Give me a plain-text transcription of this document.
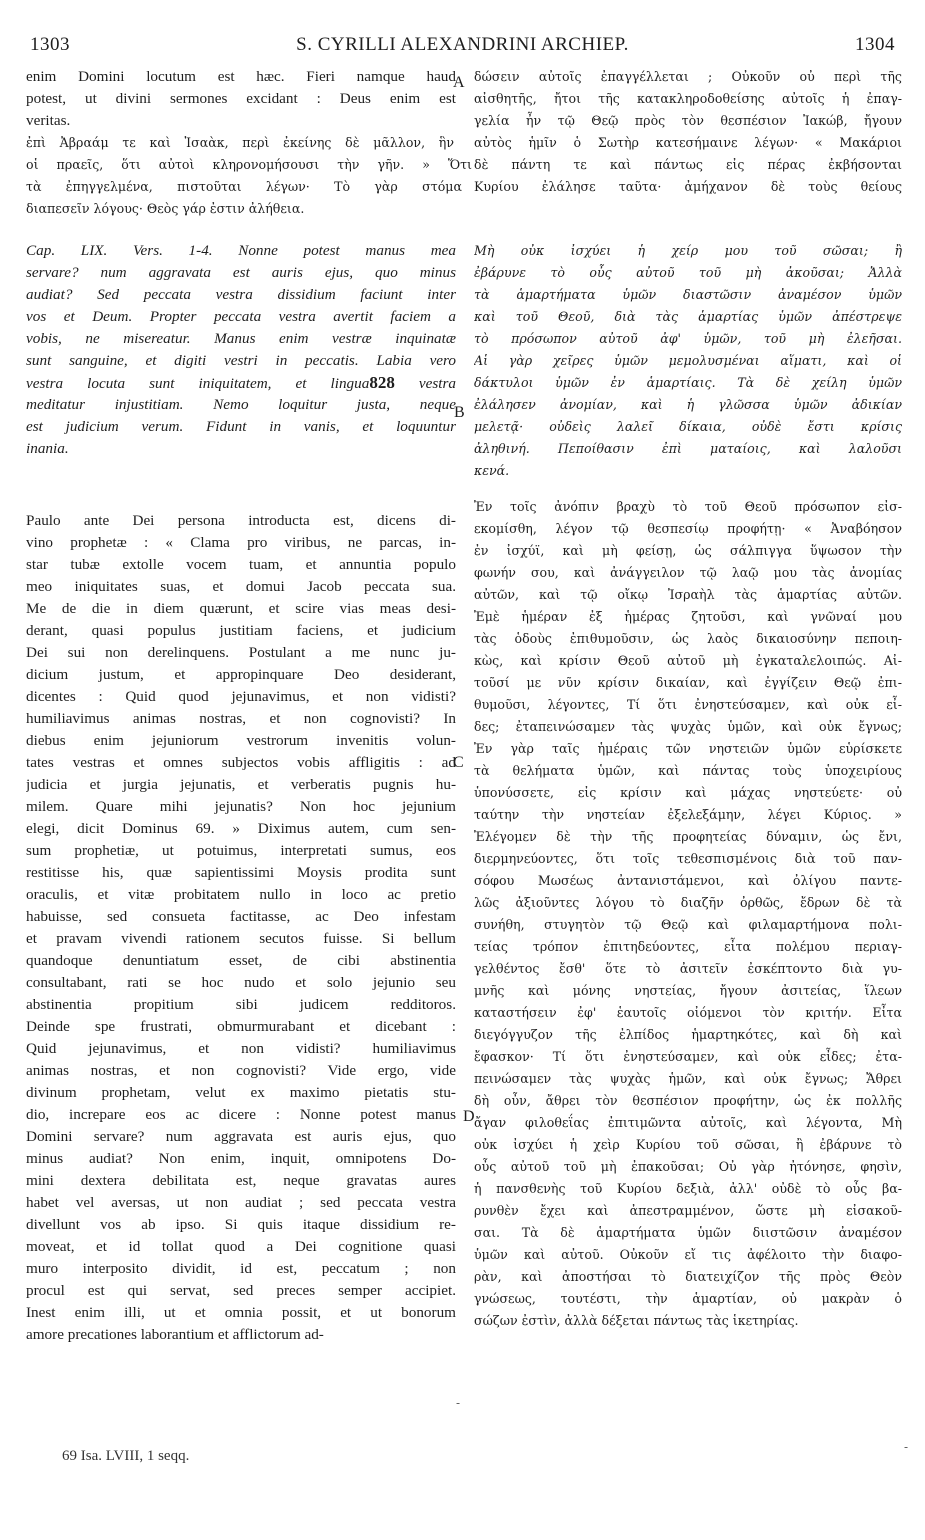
1303	S. CYRILLI ALEXANDRINI ARCHIEP.	1304
A
B
C
D
enim Domini locutum est hæc. Fieri namque haud
potest, ut divini sermones excidant : Deus enim est
veritas.
ἐπὶ Ἀβραάμ τε καὶ Ἰσαὰκ, περὶ ἐκείνης δὲ μᾶλλον, ἣν
οἱ πραεῖς, ὅτι αὐτοὶ κληρονομήσουσι τὴν γῆν. » Ὅτι
τὰ ἐπηγγελμένα, πιστοῦται λέγων· Τὸ γὰρ στόμα
διαπεσεῖν λόγους· Θεὸς γάρ ἐστιν ἀλήθεια.
δώσειν αὐτοῖς ἐπαγγέλλεται ; Οὐκοῦν οὐ περὶ τῆς
αἰσθητῆς, ἤτοι τῆς κατακληροδοθείσης αὐτοῖς ἡ ἐπαγ-
γελία ἦν τῷ Θεῷ πρὸς τὸν θεσπέσιον Ἰακώβ, ἤγουν
αὐτὸς ἡμῖν ὁ Σωτὴρ κατεσήμαινε λέγων· « Μακάριοι
δὲ πάντη τε καὶ πάντως εἰς πέρας ἐκβήσονται
Κυρίου ἐλάλησε ταῦτα· ἀμήχανον δὲ τοὺς θείους
Cap. LIX. Vers. 1-4. Nonne potest manus mea
servare? num aggravata est auris ejus, quo minus
audiat? Sed peccata vestra dissidium faciunt inter
vos et Deum. Propter peccata vestra avertit faciem a
vobis, ne misereatur. Manus enim vestræ inquinatæ
sunt sanguine, et digiti vestri in peccatis. Labia vero
vestra locuta sunt iniquitatem, et lingua828 vestra
meditatur injustitiam. Nemo loquitur justa, neque
est judicium verum. Fidunt in vanis, et loquuntur
inania.
Μὴ οὐκ ἰσχύει ἡ χείρ μου τοῦ σῶσαι; ἢ
ἐβάρυνε τὸ οὖς αὐτοῦ τοῦ μὴ ἀκοῦσαι; Ἀλλὰ
τὰ ἁμαρτήματα ὑμῶν διαστῶσιν ἀναμέσον ὑμῶν
καὶ τοῦ Θεοῦ, διὰ τὰς ἁμαρτίας ὑμῶν ἀπέστρεψε
τὸ πρόσωπον αὐτοῦ ἀφ' ὑμῶν, τοῦ μὴ ἐλεῆσαι.
Αἱ γὰρ χεῖρες ὑμῶν μεμολυσμέναι αἵματι, καὶ οἱ
δάκτυλοι ὑμῶν ἐν ἁμαρτίαις. Τὰ δὲ χείλη ὑμῶν
ἐλάλησεν ἀνομίαν, καὶ ἡ γλῶσσα ὑμῶν ἀδικίαν
μελετᾷ· οὐδεὶς λαλεῖ δίκαια, οὐδὲ ἔστι κρίσις
ἀληθινή. Πεποίθασιν ἐπὶ ματαίοις, καὶ λαλοῦσι
κενά.
Paulo ante Dei persona introducta est, dicens di-
vino prophetæ : « Clama pro viribus, ne parcas, in-
star tubæ extolle vocem tuam, et annuntia populo
meo iniquitates suas, et domui Jacob peccata sua.
Me de die in diem quærunt, et scire vias meas desi-
derant, quasi populus justitiam faciens, et judicium
Dei sui non derelinquens. Postulant a me nunc ju-
dicium justum, et appropinquare Deo desiderant,
dicentes : Quid quod jejunavimus, et non vidisti?
humiliavimus animas nostras, et non cognovisti? In
diebus enim jejuniorum vestrorum invenitis volun-
tates vestras et omnes subjectos vobis affligitis : ad
judicia et jurgia jejunatis, et verberatis pugnis hu-
milem. Quare mihi jejunatis? Non hoc jejunium
elegi, dicit Dominus 69. » Diximus autem, cum sen-
sum prophetiæ, ut potuimus, interpretati sumus, eos
restitisse his, quæ sapientissimi Moysis prodita sunt
oraculis, et vitæ probitatem nullo in loco ac pretio
habuisse, sed consueta factitasse, ac Deo infestam
et pravam vivendi rationem secutos fuisse. Si bellum
quandoque denuntiatum esset, de cibi abstinentia
consultabant, rati se hoc nudo et solo jejunio seu
abstinentia propitium sibi judicem redditoros.
Deinde spe frustrati, obmurmurabant et dicebant :
Quid jejunavimus, et non vidisti? humiliavimus
animas nostras, et non cognovisti? Vide ergo, vide
divinum prophetam, velut ex maximo pietatis stu-
dio, increpare eos ac dicere : Nonne potest manus
Domini servare? num aggravata est auris ejus, quo
minus audiat? Non enim, inquit, omnipotens Do-
mini dextera debilitata est, neque gravatas aures
habet vel aversas, ut non audiat ; sed peccata vestra
divellunt vos ab ipso. Si quis itaque dissidium re-
moveat, et id tollat quod a Dei cognitione quasi
muro interposito dividit, id est, peccatum ; non
procul est qui servat, sed preces semper accipiet.
Inest enim illi, ut et omnia possit, et ut bonorum
amore precationes laborantium et afflictorum ad-
Ἐν τοῖς ἀνόπιν βραχὺ τὸ τοῦ Θεοῦ πρόσωπον εἰσ-
εκομίσθη, λέγον τῷ θεσπεσίῳ προφήτῃ· « Ἀναβόησον
ἐν ἰσχύϊ, καὶ μὴ φείσῃ, ὡς σάλπιγγα ὕψωσον τὴν
φωνήν σου, καὶ ἀνάγγειλον τῷ λαῷ μου τὰς ἀνομίας
αὐτῶν, καὶ τῷ οἴκῳ Ἰσραὴλ τὰς ἁμαρτίας αὐτῶν.
Ἐμὲ ἡμέραν ἐξ ἡμέρας ζητοῦσι, καὶ γνῶναί μου
τὰς ὁδοὺς ἐπιθυμοῦσιν, ὡς λαὸς δικαιοσύνην πεποιη-
κὼς, καὶ κρίσιν Θεοῦ αὐτοῦ μὴ ἐγκαταλελοιπώς. Αἰ-
τοῦσί με νῦν κρίσιν δικαίαν, καὶ ἐγγίζειν Θεῷ ἐπι-
θυμοῦσι, λέγοντες, Τί ὅτι ἐνηστεύσαμεν, καὶ οὐκ εἶ-
δες; ἐταπεινώσαμεν τὰς ψυχὰς ὑμῶν, καὶ οὐκ ἔγνως;
Ἐν γὰρ ταῖς ἡμέραις τῶν νηστειῶν ὑμῶν εὑρίσκετε
τὰ θελήματα ὑμῶν, καὶ πάντας τοὺς ὑποχειρίους
ὑπονύσσετε, εἰς κρίσιν καὶ μάχας νηστεύετε· οὐ
ταύτην τὴν νηστείαν ἐξελεξάμην, λέγει Κύριος. »
Ἐλέγομεν δὲ τὴν τῆς προφητείας δύναμιν, ὡς ἔνι,
διερμηνεύοντες, ὅτι τοῖς τεθεσπισμένοις διὰ τοῦ παν-
σόφου Μωσέως ἀντανιστάμενοι, καὶ ὀλίγου παντε-
λῶς ἀξιοῦντες λόγου τὸ διαζῆν ὀρθῶς, ἔδρων δὲ τὰ
συνήθη, στυγητὸν τῷ Θεῷ καὶ φιλαμαρτήμονα πολι-
τείας τρόπον ἐπιτηδεύοντες, εἶτα πολέμου περιαγ-
γελθέντος ἔσθ' ὅτε τὸ ἀσιτεῖν ἐσκέπτοντο διὰ γυ-
μνῆς καὶ μόνης νηστείας, ἤγουν ἀσιτείας, ἵλεων
καταστήσειν ἐφ' ἑαυτοῖς οἰόμενοι τὸν κριτήν. Εἶτα
διεγόγγυζον τῆς ἐλπίδος ἡμαρτηκότες, καὶ δὴ καὶ
ἔφασκον· Τί ὅτι ἐνηστεύσαμεν, καὶ οὐκ εἶδες; ἐτα-
πεινώσαμεν τὰς ψυχὰς ἡμῶν, καὶ οὐκ ἔγνως; Ἄθρει
δὴ οὖν, ἄθρει τὸν θεσπέσιον προφήτην, ὡς ἐκ πολλῆς
ἄγαν φιλοθεΐας ἐπιτιμῶντα αὐτοῖς, καὶ λέγοντα, Μὴ
οὐκ ἰσχύει ἡ χεὶρ Κυρίου τοῦ σῶσαι, ἢ ἐβάρυνε τὸ
οὖς αὐτοῦ τοῦ μὴ ἐπακοῦσαι; Οὐ γὰρ ἠτόνησε, φησὶν,
ἡ πανσθενὴς τοῦ Κυρίου δεξιὰ, ἀλλ' οὐδὲ τὸ οὖς βα-
ρυνθὲν ἔχει καὶ ἀπεστραμμένον, ὥστε μὴ εἰσακοῦ-
σαι. Τὰ δὲ ἁμαρτήματα ὑμῶν διιστῶσιν ἀναμέσον
ὑμῶν καὶ αὐτοῦ. Οὐκοῦν εἴ τις ἀφέλοιτο τὴν διαφο-
ρὰν, καὶ ἀποστήσαι τὸ διατειχίζον τῆς πρὸς Θεὸν
γνώσεως, τουτέστι, τὴν ἁμαρτίαν, οὐ μακρὰν ὁ
σώζων ἐστὶν, ἀλλὰ δέξεται πάντως τὰς ἱκετηρίας.
-
-
69 Isa. LVIII, 1 seqq.
